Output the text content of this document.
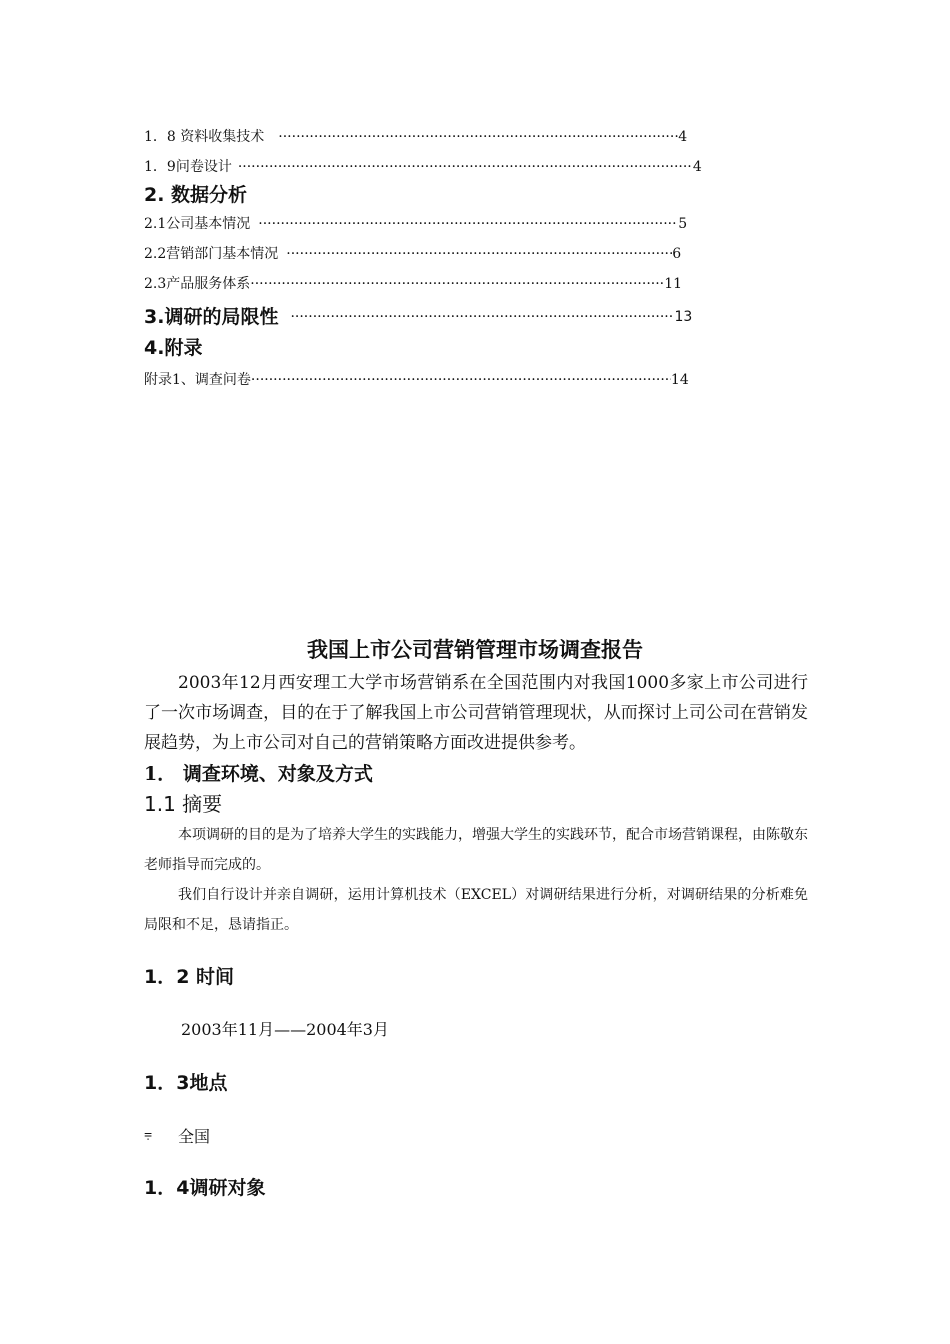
1．8 资料收集技术 ·····	4
1．9问卷设计 ·····	4
2. 数据分析
2.1公司基本情况 ·····	5
2.2营销部门基本情况 ·····	6
2.3产品服务体系 ·····	11
3.调研的局限性 ·····	13
4.附录
附录1、调查问卷 ·····	14
我国上市公司营销管理市场调查报告
2003年12月西安理工大学市场营销系在全国范围内对我国1000多家上市公司进行了一次市场调查，目的在于了解我国上市公司营销管理现状，从而探讨上司公司在营销发展趋势，为上市公司对自己的营销策略方面改进提供参考。
1． 调查环境、对象及方式
1.1 摘要
本项调研的目的是为了培养大学生的实践能力，增强大学生的实践环节，配合市场营销课程，由陈敬东老师指导而完成的。
我们自行设计并亲自调研，运用计算机技术（EXCEL）对调研结果进行分析，对调研结果的分析难免局限和不足，恳请指正。
1．2 时间
2003年11月——2004年3月
1．3地点
⩦ 全国
1．4调研对象
